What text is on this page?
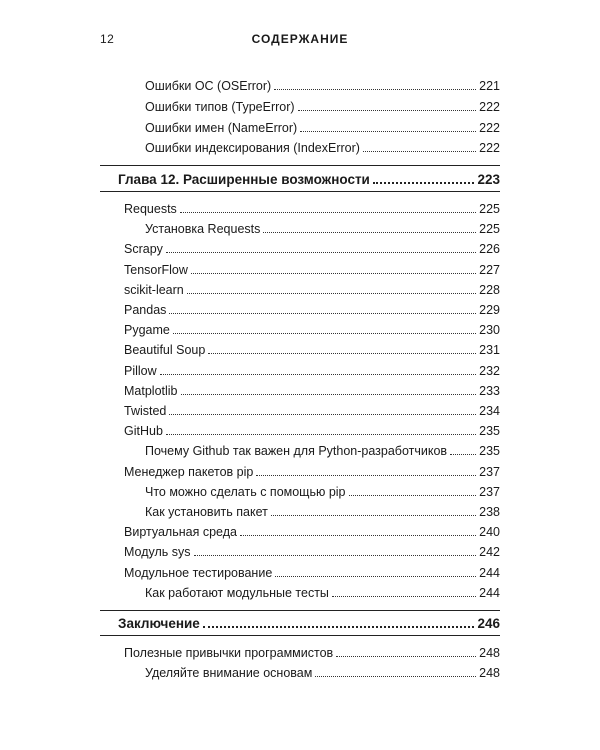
12	СОДЕРЖАНИЕ
Ошибки ОС (OSError)	221
Ошибки типов (TypeError)	222
Ошибки имен (NameError)	222
Ошибки индексирования (IndexError)	222
Глава 12. Расширенные возможности	223
Requests	225
Установка Requests	225
Scrapy	226
TensorFlow	227
scikit-learn	228
Pandas	229
Pygame	230
Beautiful Soup	231
Pillow	232
Matplotlib	233
Twisted	234
GitHub	235
Почему Github так важен для Python-разработчиков	235
Менеджер пакетов pip	237
Что можно сделать с помощью pip	237
Как установить пакет	238
Виртуальная среда	240
Модуль sys	242
Модульное тестирование	244
Как работают модульные тесты	244
Заключение	246
Полезные привычки программистов	248
Уделяйте внимание основам	248
